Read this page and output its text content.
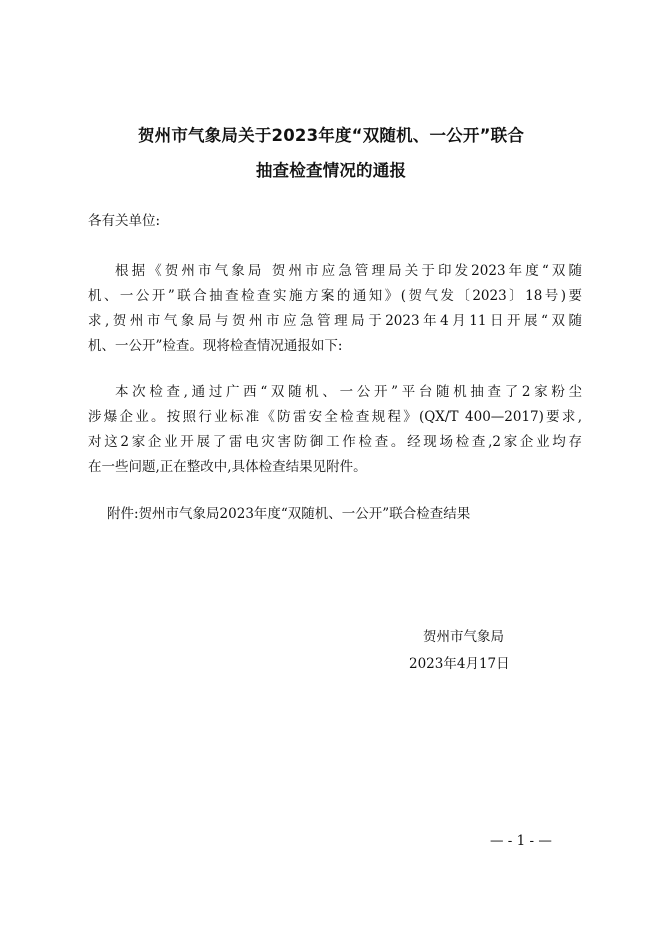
贺州市气象局关于2023年度“双随机、一公开”联合
抽查检查情况的通报
各有关单位:
根据《贺州市气象局 贺州市应急管理局关于印发2023年度“双随
机、一公开”联合抽查检查实施方案的通知》(贺气发〔2023〕18号)要
求,贺州市气象局与贺州市应急管理局于2023年4月11日开展“双随
机、一公开”检查。现将检查情况通报如下:
本次检查,通过广西“双随机、一公开”平台随机抽查了2家粉尘
涉爆企业。按照行业标准《防雷安全检查规程》(QX/T 400—2017)要求,
对这2家企业开展了雷电灾害防御工作检查。经现场检查,2家企业均存
在一些问题,正在整改中,具体检查结果见附件。
附件:贺州市气象局2023年度“双随机、一公开”联合检查结果
贺州市气象局
2023年4月17日
— - 1 - —
